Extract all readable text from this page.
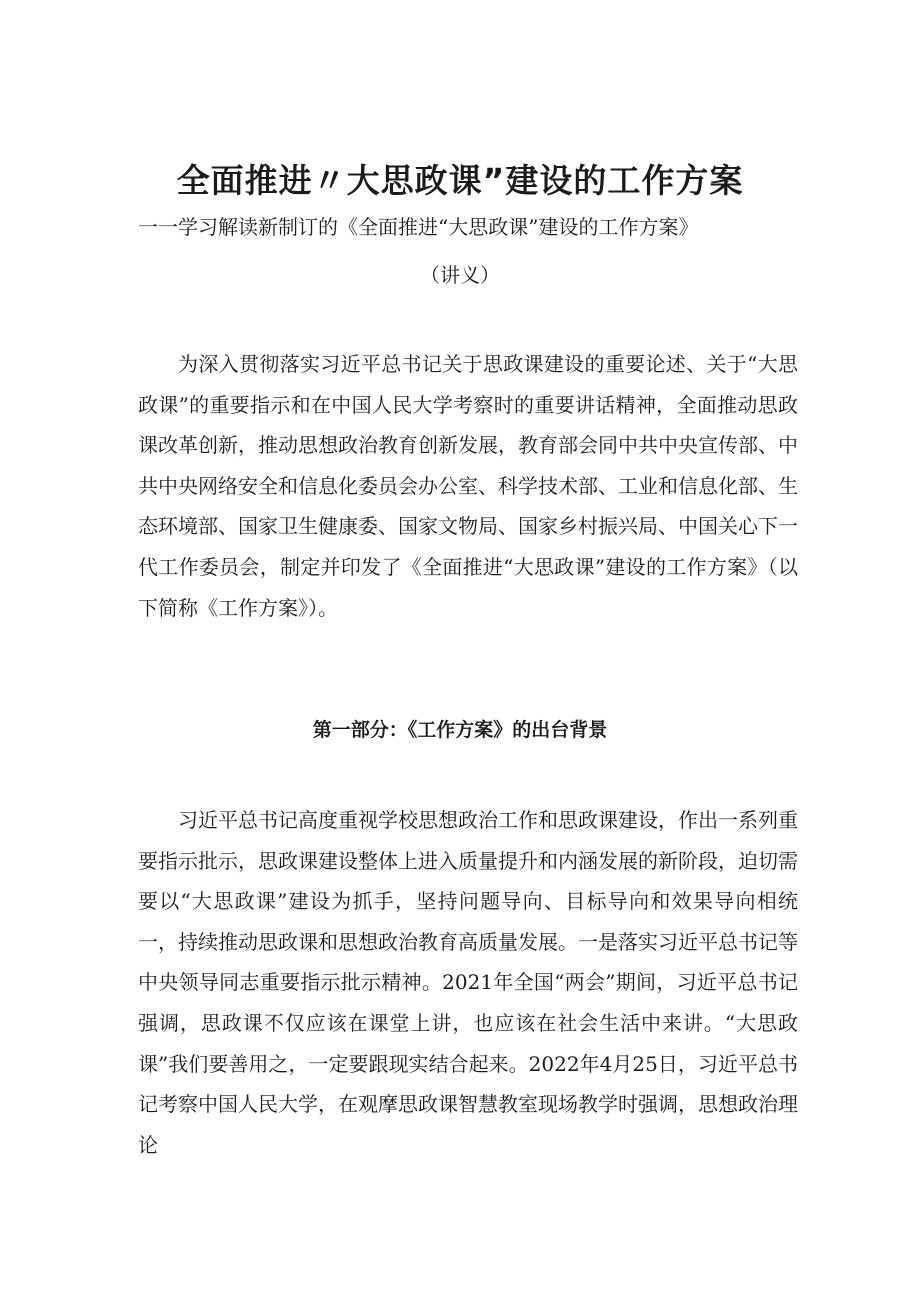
全面推进〃大思政课”建设的工作方案
一一学习解读新制订的《全面推进“大思政课”建设的工作方案》
（讲义）

为深入贯彻落实习近平总书记关于思政课建设的重要论述、关于“大思政课”的重要指示和在中国人民大学考察时的重要讲话精神，全面推动思政课改革创新，推动思想政治教育创新发展，教育部会同中共中央宣传部、中共中央网络安全和信息化委员会办公室、科学技术部、工业和信息化部、生态环境部、国家卫生健康委、国家文物局、国家乡村振兴局、中国关心下一代工作委员会，制定并印发了《全面推进“大思政课”建设的工作方案》（以下简称《工作方案》）。

第一部分：《工作方案》的出台背景

习近平总书记高度重视学校思想政治工作和思政课建设，作出一系列重要指示批示，思政课建设整体上进入质量提升和内涵发展的新阶段，迫切需要以“大思政课”建设为抓手，坚持问题导向、目标导向和效果导向相统一，持续推动思政课和思想政治教育高质量发展。一是落实习近平总书记等中央领导同志重要指示批示精神。2021年全国“两会”期间，习近平总书记强调，思政课不仅应该在课堂上讲，也应该在社会生活中来讲。“大思政课”我们要善用之，一定要跟现实结合起来。2022年4月25日，习近平总书记考察中国人民大学，在观摩思政课智慧教室现场教学时强调，思想政治理论
